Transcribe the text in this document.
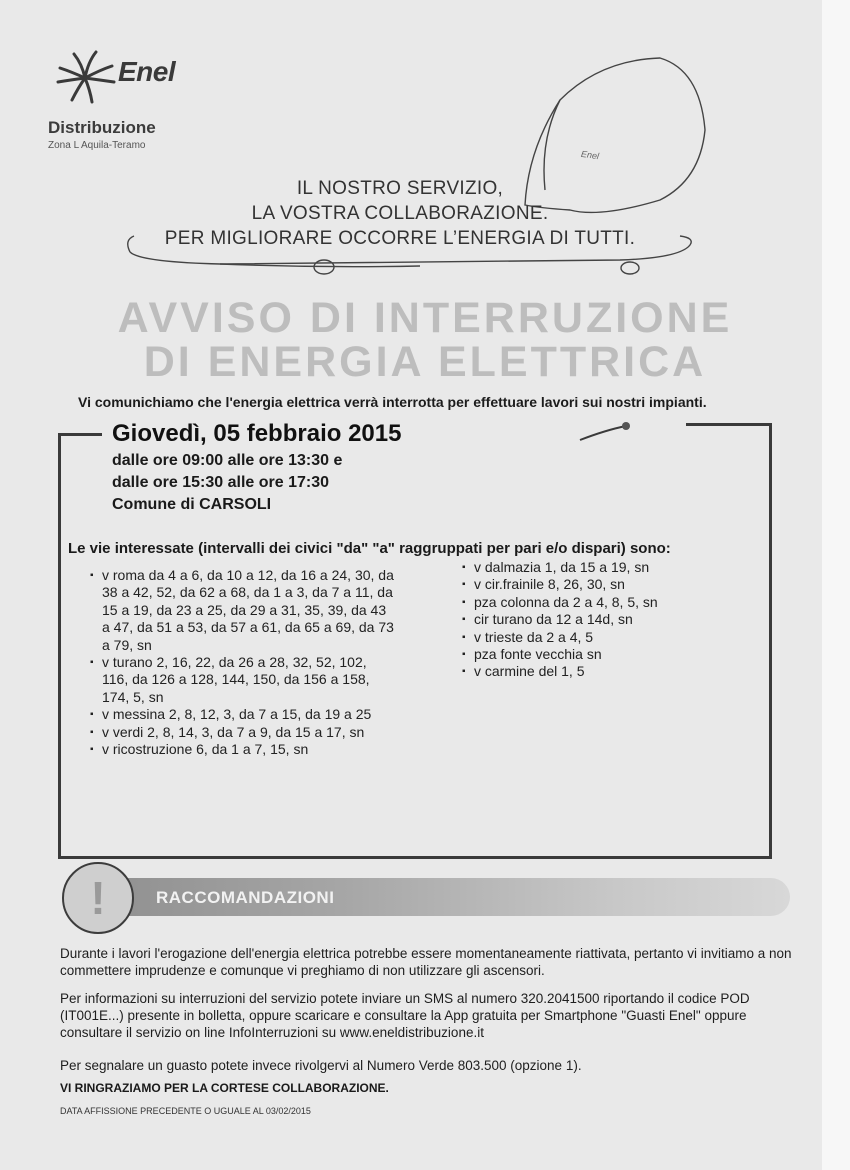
Enel
Distribuzione
Zona L Aquila-Teramo
Enel
IL NOSTRO SERVIZIO,
LA VOSTRA COLLABORAZIONE.
PER MIGLIORARE OCCORRE L’ENERGIA DI TUTTI.
AVVISO DI INTERRUZIONE
DI ENERGIA ELETTRICA
Vi comunichiamo che l'energia elettrica verrà interrotta per effettuare lavori sui nostri impianti.
Giovedì, 05 febbraio 2015
dalle ore 09:00 alle ore 13:30 e
dalle ore 15:30 alle ore 17:30
Comune di CARSOLI
Le vie interessate (intervalli dei civici "da" "a" raggruppati per pari e/o dispari) sono:
▪ v roma da 4 a 6, da 10 a 12, da 16 a 24, 30, da 38 a 42, 52, da 62 a 68, da 1 a 3, da 7 a 11, da 15 a 19, da 23 a 25, da 29 a 31, 35, 39, da 43 a 47, da 51 a 53, da 57 a 61, da 65 a 69, da 73 a 79, sn
▪ v turano 2, 16, 22, da 26 a 28, 32, 52, 102, 116, da 126 a 128, 144, 150, da 156 a 158, 174, 5, sn
▪ v messina 2, 8, 12, 3, da 7 a 15, da 19 a 25
▪ v verdi 2, 8, 14, 3, da 7 a 9, da 15 a 17, sn
▪ v ricostruzione 6, da 1 a 7, 15, sn
▪ v dalmazia 1, da 15 a 19, sn
▪ v cir.frainile 8, 26, 30, sn
▪ pza colonna da 2 a 4, 8, 5, sn
▪ cir turano da 12 a 14d, sn
▪ v trieste da 2 a 4, 5
▪ pza fonte vecchia sn
▪ v carmine del 1, 5
RACCOMANDAZIONI
!
Durante i lavori l'erogazione dell'energia elettrica potrebbe essere momentaneamente riattivata, pertanto vi invitiamo a non commettere imprudenze e comunque vi preghiamo di non utilizzare gli ascensori.
Per informazioni su interruzioni del servizio potete inviare un SMS al numero 320.2041500 riportando il codice POD (IT001E...) presente in bolletta, oppure scaricare e consultare la App gratuita per Smartphone "Guasti Enel" oppure consultare il servizio on line InfoInterruzioni su www.eneldistribuzione.it
Per segnalare un guasto potete invece rivolgervi al Numero Verde 803.500 (opzione 1).
VI RINGRAZIAMO PER LA CORTESE COLLABORAZIONE.
DATA AFFISSIONE PRECEDENTE O UGUALE AL 03/02/2015
